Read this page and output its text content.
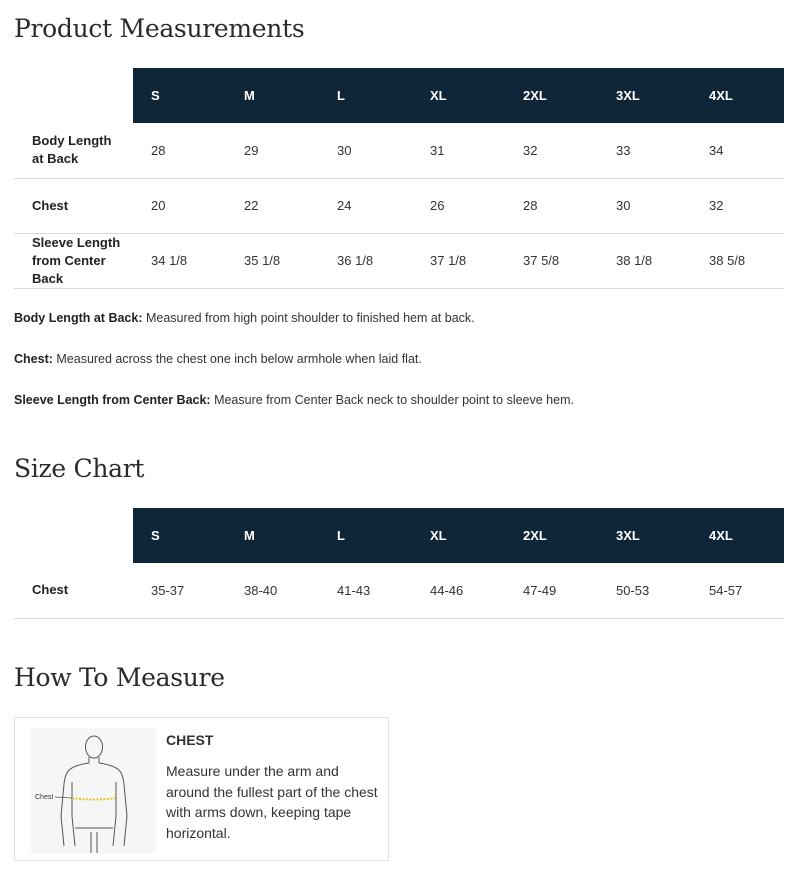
Product Measurements
	S	M	L	XL	2XL	3XL	4XL
Body Length at Back	28	29	30	31	32	33	34
Chest	20	22	24	26	28	30	32
Sleeve Length from Center Back	34 1/8	35 1/8	36 1/8	37 1/8	37 5/8	38 1/8	38 5/8

Body Length at Back: Measured from high point shoulder to finished hem at back.

Chest: Measured across the chest one inch below armhole when laid flat.

Sleeve Length from Center Back: Measure from Center Back neck to shoulder point to sleeve hem.

Size Chart
	S	M	L	XL	2XL	3XL	4XL
Chest	35-37	38-40	41-43	44-46	47-49	50-53	54-57
How To Measure
Chest
CHEST
Measure under the arm and around the fullest part of the chest with arms down, keeping tape horizontal.
